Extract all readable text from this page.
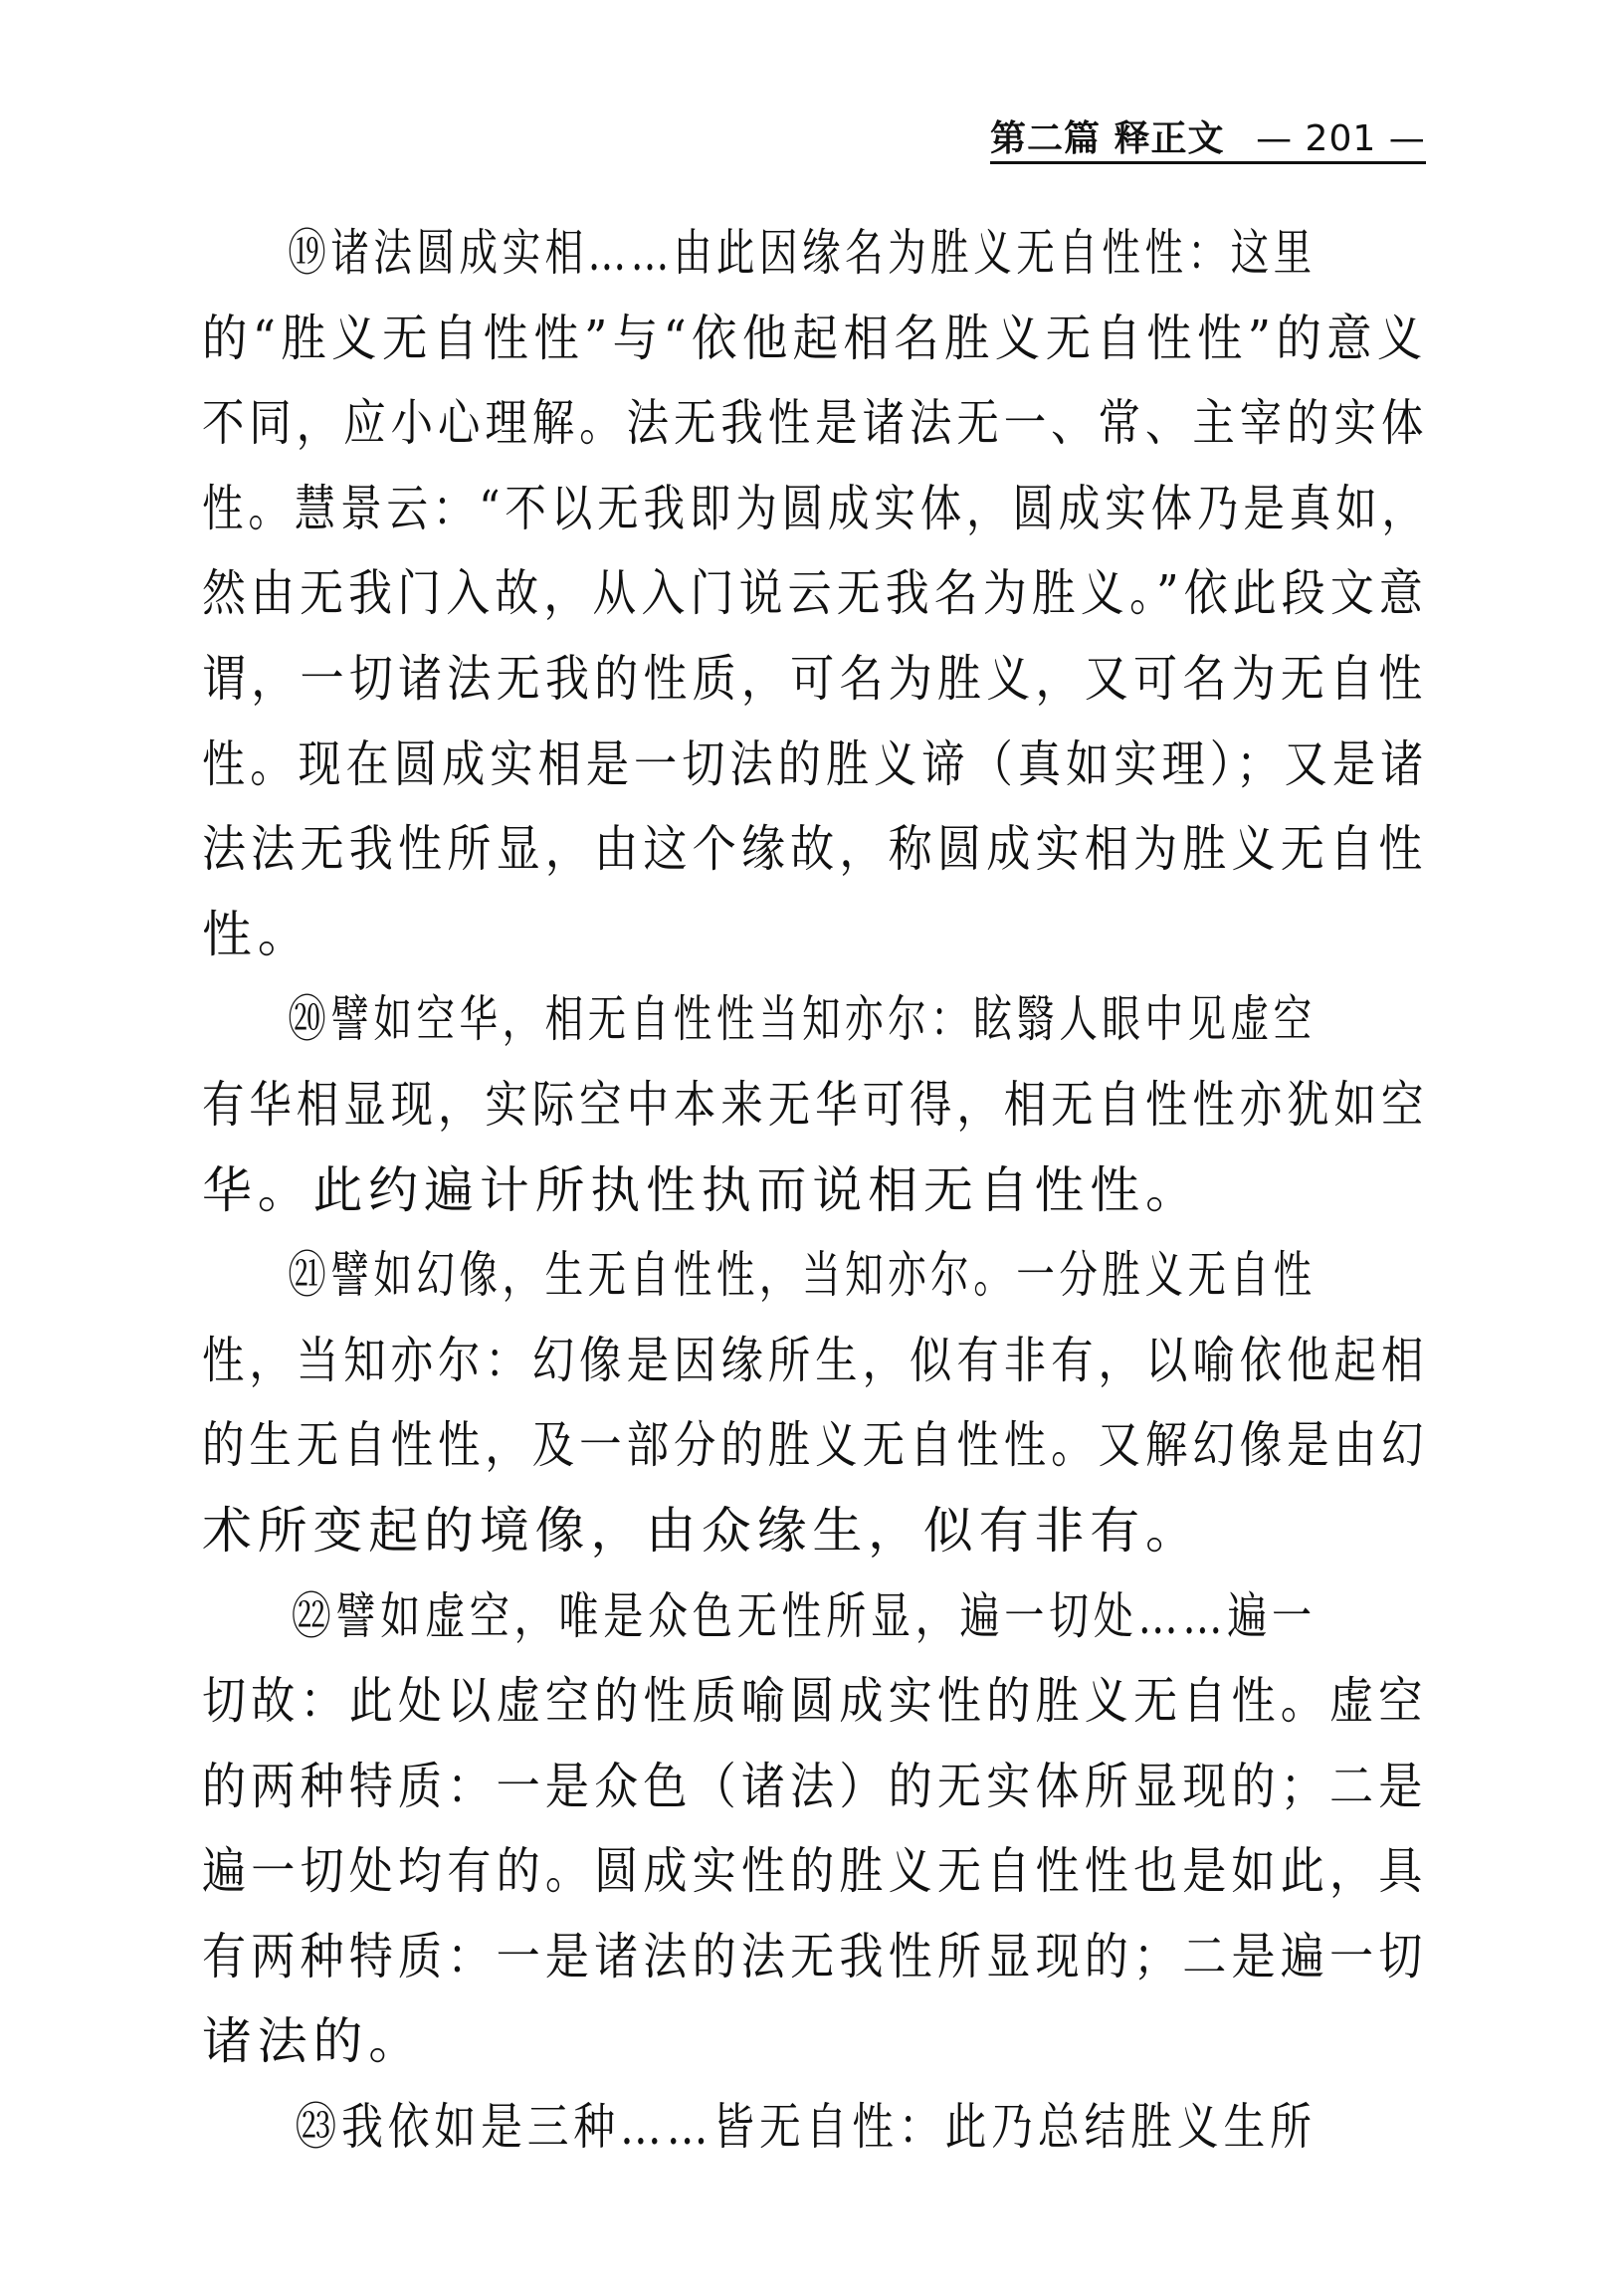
第二篇 释正文 — 201 —
⑲诸法圆成实相……由此因缘名为胜义无自性性：这里
的“胜义无自性性”与“依他起相名胜义无自性性”的意义
不同，应小心理解。法无我性是诸法无一、常、主宰的实体
性。慧景云：“不以无我即为圆成实体，圆成实体乃是真如，
然由无我门入故，从入门说云无我名为胜义。”依此段文意
谓，一切诸法无我的性质，可名为胜义，又可名为无自性
性。现在圆成实相是一切法的胜义谛（真如实理）；又是诸
法法无我性所显，由这个缘故，称圆成实相为胜义无自性
性。
⑳譬如空华，相无自性性当知亦尔：眩翳人眼中见虚空
有华相显现，实际空中本来无华可得，相无自性性亦犹如空
华。此约遍计所执性执而说相无自性性。
㉑譬如幻像，生无自性性，当知亦尔。一分胜义无自性
性，当知亦尔：幻像是因缘所生，似有非有，以喻依他起相
的生无自性性，及一部分的胜义无自性性。又解幻像是由幻
术所变起的境像，由众缘生，似有非有。
㉒譬如虚空，唯是众色无性所显，遍一切处……遍一
切故：此处以虚空的性质喻圆成实性的胜义无自性。虚空
的两种特质：一是众色（诸法）的无实体所显现的；二是
遍一切处均有的。圆成实性的胜义无自性性也是如此，具
有两种特质：一是诸法的法无我性所显现的；二是遍一切
诸法的。
㉓我依如是三种……皆无自性：此乃总结胜义生所
